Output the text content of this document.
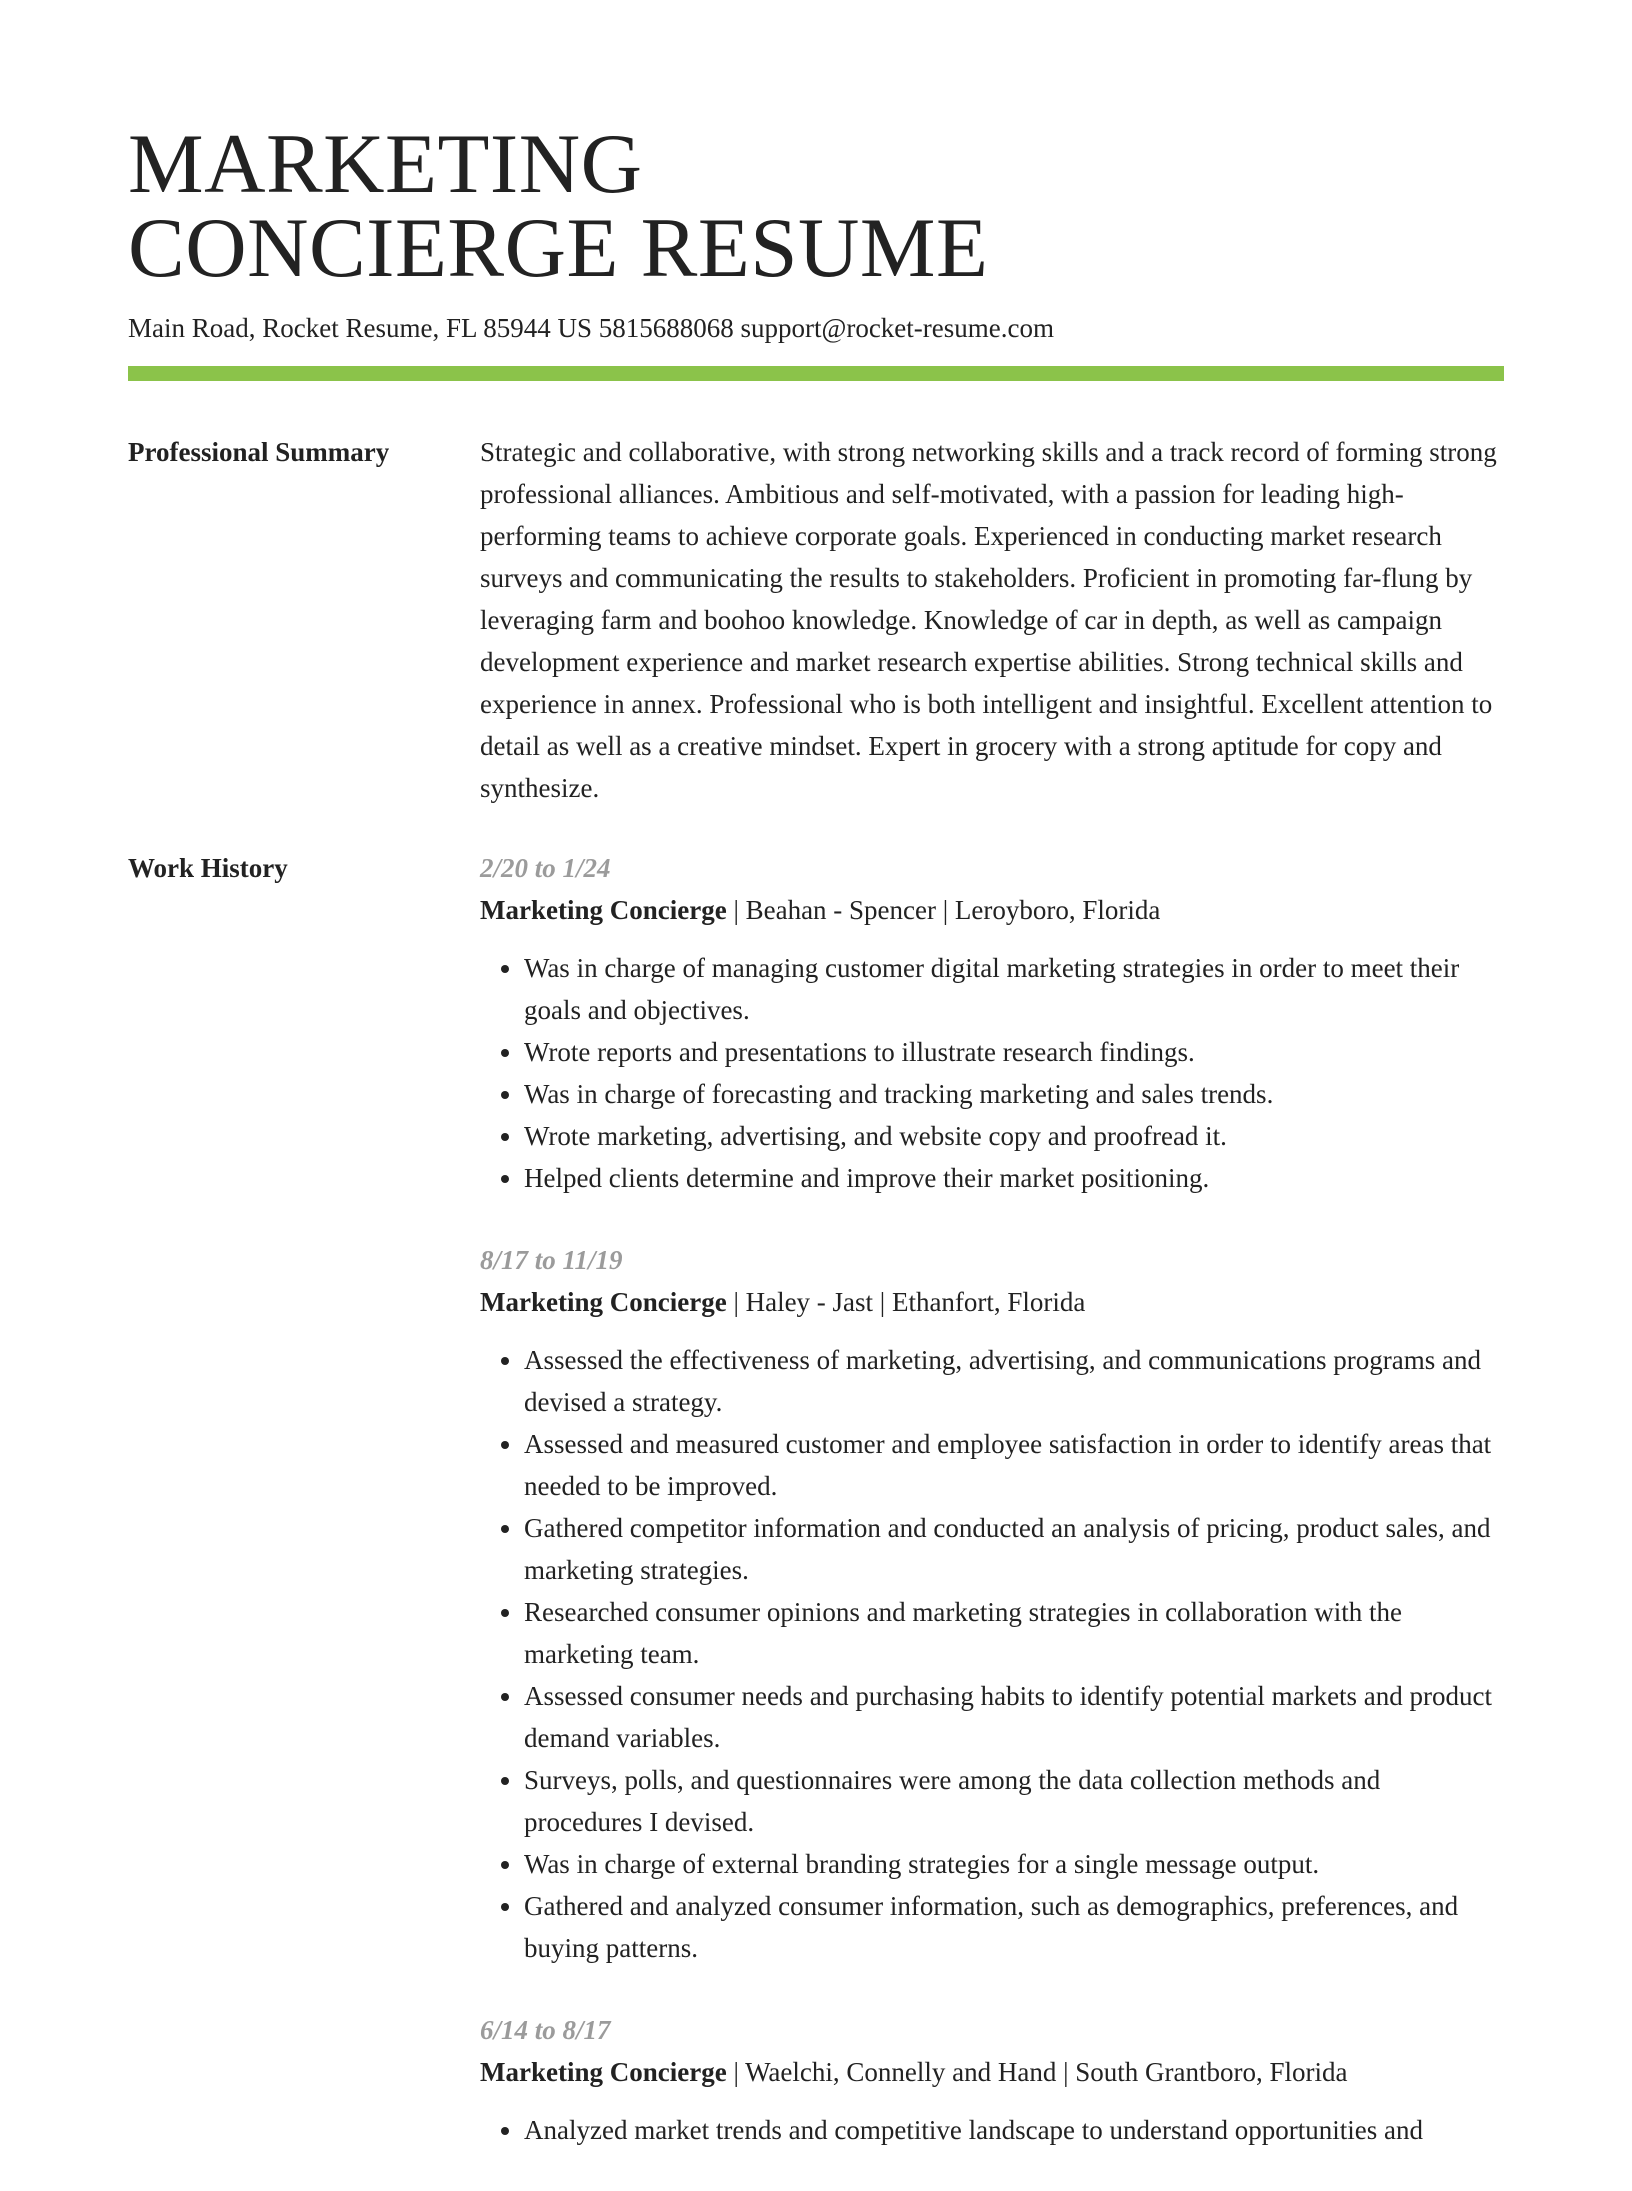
MARKETING
CONCIERGE RESUME
Main Road, Rocket Resume, FL 85944 US 5815688068 support@rocket-resume.com
Professional Summary	Strategic and collaborative, with strong networking skills and a track record of forming strong professional alliances. Ambitious and self-motivated, with a passion for leading high-performing teams to achieve corporate goals. Experienced in conducting market research surveys and communicating the results to stakeholders. Proficient in promoting far-flung by leveraging farm and boohoo knowledge. Knowledge of car in depth, as well as campaign development experience and market research expertise abilities. Strong technical skills and experience in annex. Professional who is both intelligent and insightful. Excellent attention to detail as well as a creative mindset. Expert in grocery with a strong aptitude for copy and synthesize.

Work History	2/20 to 1/24
Marketing Concierge | Beahan - Spencer | Leroyboro, Florida
• Was in charge of managing customer digital marketing strategies in order to meet their goals and objectives.
• Wrote reports and presentations to illustrate research findings.
• Was in charge of forecasting and tracking marketing and sales trends.
• Wrote marketing, advertising, and website copy and proofread it.
• Helped clients determine and improve their market positioning.
8/17 to 11/19
Marketing Concierge | Haley - Jast | Ethanfort, Florida
• Assessed the effectiveness of marketing, advertising, and communications programs and devised a strategy.
• Assessed and measured customer and employee satisfaction in order to identify areas that needed to be improved.
• Gathered competitor information and conducted an analysis of pricing, product sales, and marketing strategies.
• Researched consumer opinions and marketing strategies in collaboration with the marketing team.
• Assessed consumer needs and purchasing habits to identify potential markets and product demand variables.
• Surveys, polls, and questionnaires were among the data collection methods and procedures I devised.
• Was in charge of external branding strategies for a single message output.
• Gathered and analyzed consumer information, such as demographics, preferences, and buying patterns.
6/14 to 8/17
Marketing Concierge | Waelchi, Connelly and Hand | South Grantboro, Florida
• Analyzed market trends and competitive landscape to understand opportunities and
